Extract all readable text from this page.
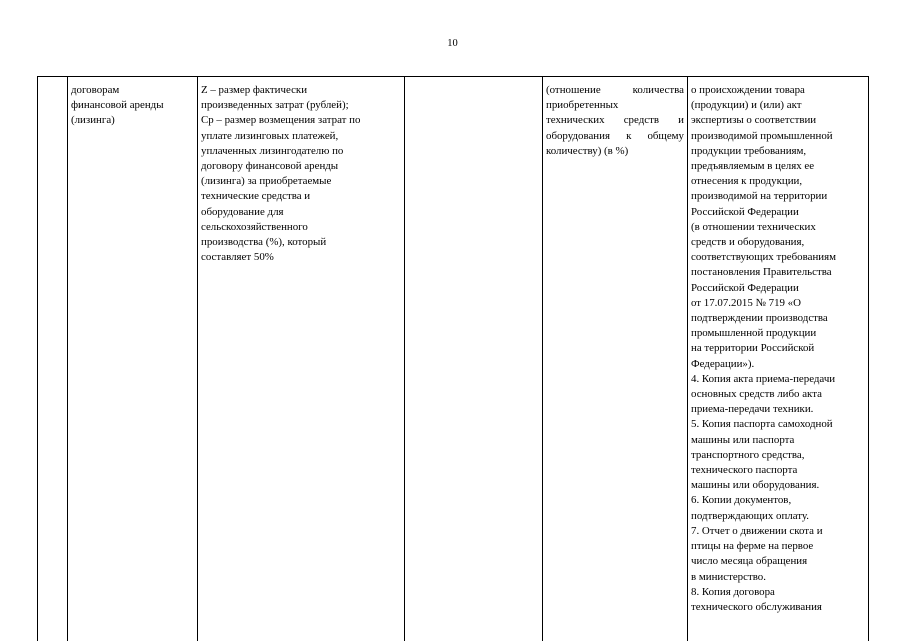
10
договорам
финансовой аренды
(лизинга)
Z – размер фактически
произведенных затрат (рублей);
Cp – размер возмещения затрат по
уплате лизинговых платежей,
уплаченных лизингодателю по
договору финансовой аренды
(лизинга) за приобретаемые
технические средства и
оборудование для
сельскохозяйственного
производства (%), который
составляет 50%
(отношение количества
приобретенных
технических средств и
оборудования к общему
количеству) (в %)
о происхождении товара
(продукции) и (или) акт
экспертизы о соответствии
производимой промышленной
продукции требованиям,
предъявляемым в целях ее
отнесения к продукции,
производимой на территории
Российской Федерации
(в отношении технических
средств и оборудования,
соответствующих требованиям
постановления Правительства
Российской Федерации
от 17.07.2015 № 719 «О
подтверждении производства
промышленной продукции
на территории Российской
Федерации»).
4. Копия акта приема-передачи
основных средств либо акта
приема-передачи техники.
5. Копия паспорта самоходной
машины или паспорта
транспортного средства,
технического паспорта
машины или оборудования.
6. Копии документов,
подтверждающих оплату.
7. Отчет о движении скота и
птицы на ферме на первое
число месяца обращения
в министерство.
8. Копия договора
технического обслуживания
